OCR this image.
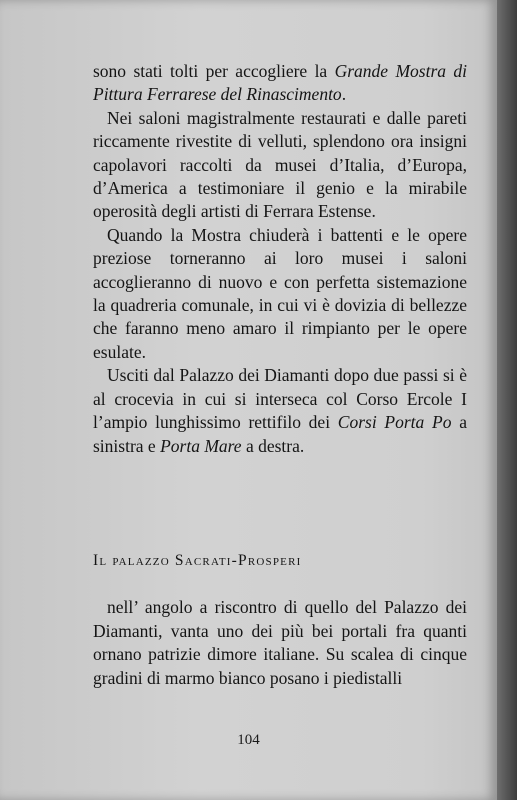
sono stati tolti per accogliere la Grande Mostra di Pittura Ferrarese del Rinascimento.

Nei saloni magistralmente restaurati e dalle pareti riccamente rivestite di velluti, splendono ora insigni capolavori raccolti da musei d’Italia, d’Europa, d’America a testimoniare il genio e la mirabile operosità degli artisti di Ferrara Estense.

Quando la Mostra chiuderà i battenti e le opere preziose torneranno ai loro musei i saloni accoglieranno di nuovo e con perfetta sistemazione la quadreria comunale, in cui vi è dovizia di bellezze che faranno meno amaro il rimpianto per le opere esulate.

Usciti dal Palazzo dei Diamanti dopo due passi si è al crocevia in cui si interseca col Corso Ercole I l’ampio lunghissimo rettifilo dei Corsi Porta Po a sinistra e Porta Mare a destra.

Il palazzo Sacrati-Prosperi

nell’ angolo a riscontro di quello del Palazzo dei Diamanti, vanta uno dei più bei portali fra quanti ornano patrizie dimore italiane. Su scalea di cinque gradini di marmo bianco posano i piedistalli

104
